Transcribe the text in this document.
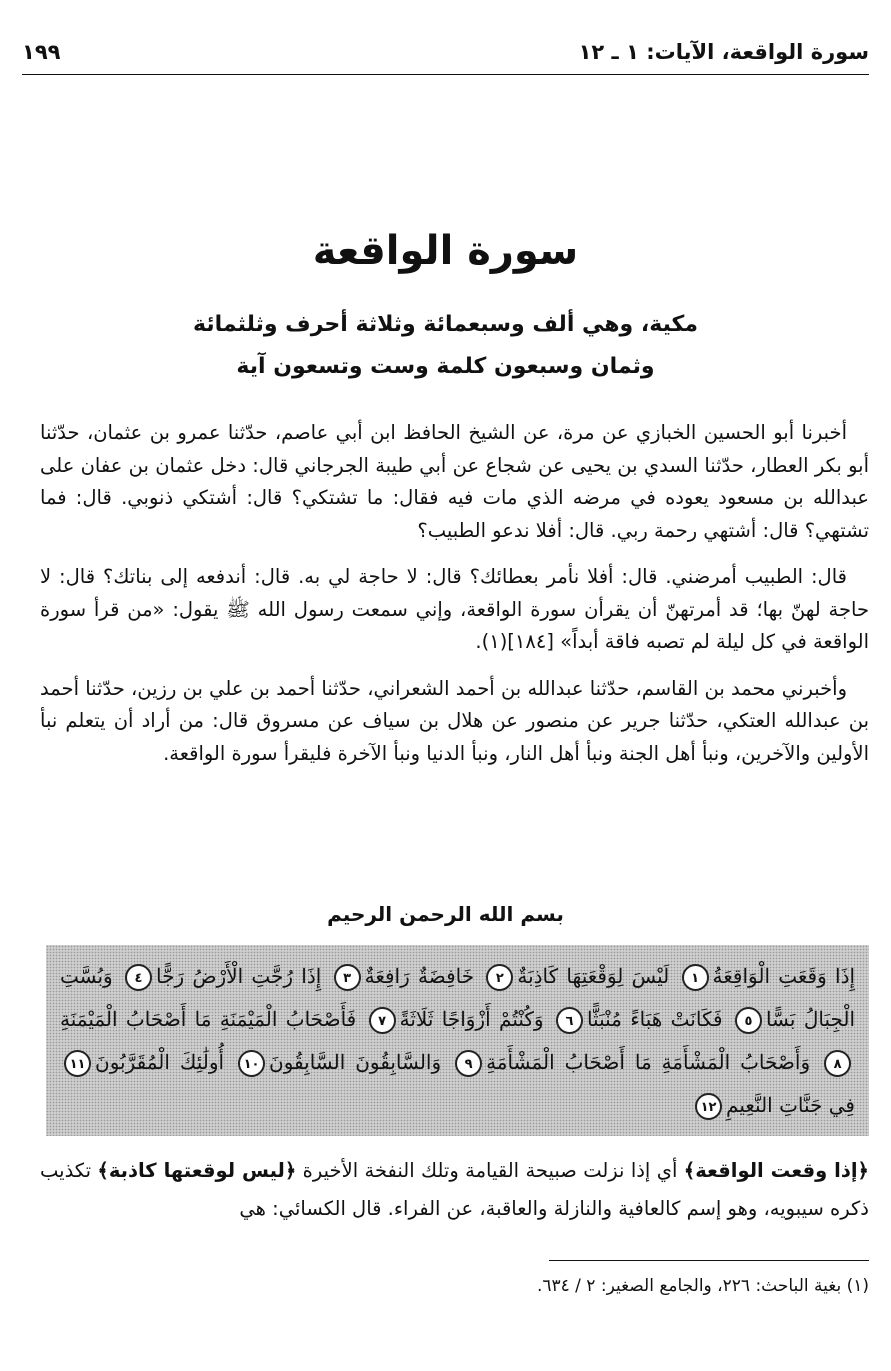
سورة الواقعة، الآيات: ١ ـ ١٢
١٩٩
سورة الواقعة
مكية، وهي ألف وسبعمائة وثلاثة أحرف وثلثمائة
وثمان وسبعون كلمة وست وتسعون آية

أخبرنا أبو الحسين الخبازي عن مرة، عن الشيخ الحافظ ابن أبي عاصم، حدّثنا عمرو بن عثمان، حدّثنا أبو بكر العطار، حدّثنا السدي بن يحيى عن شجاع عن أبي طيبة الجرجاني قال: دخل عثمان بن عفان على عبدالله بن مسعود يعوده في مرضه الذي مات فيه فقال: ما تشتكي؟ قال: أشتكي ذنوبي. قال: فما تشتهي؟ قال: أشتهي رحمة ربي. قال: أفلا ندعو الطبيب؟

قال: الطبيب أمرضني. قال: أفلا نأمر بعطائك؟ قال: لا حاجة لي به. قال: أندفعه إلى بناتك؟ قال: لا حاجة لهنّ بها؛ قد أمرتهنّ أن يقرأن سورة الواقعة، وإني سمعت رسول الله ﷺ يقول: «من قرأ سورة الواقعة في كل ليلة لم تصبه فاقة أبداً» [١٨٤](١).

وأخبرني محمد بن القاسم، حدّثنا عبدالله بن أحمد الشعراني، حدّثنا أحمد بن علي بن رزين، حدّثنا أحمد بن عبدالله العتكي، حدّثنا جرير عن منصور عن هلال بن سياف عن مسروق قال: من أراد أن يتعلم نبأ الأولين والآخرين، ونبأ أهل الجنة ونبأ أهل النار، ونبأ الدنيا ونبأ الآخرة فليقرأ سورة الواقعة.

بسم الله الرحمن الرحيم
إِذَا وَقَعَتِ الْوَاقِعَةُ١ لَيْسَ لِوَقْعَتِهَا كَاذِبَةٌ٢ خَافِضَةٌ رَافِعَةٌ٣ إِذَا رُجَّتِ الْأَرْضُ رَجًّا٤ وَبُسَّتِ الْجِبَالُ بَسًّا٥ فَكَانَتْ هَبَاءً مُنْبَثًّا٦ وَكُنْتُمْ أَزْوَاجًا ثَلَاثَةً٧ فَأَصْحَابُ الْمَيْمَنَةِ مَا أَصْحَابُ الْمَيْمَنَةِ٨ وَأَصْحَابُ الْمَشْأَمَةِ مَا أَصْحَابُ الْمَشْأَمَةِ٩ وَالسَّابِقُونَ السَّابِقُونَ١٠ أُولَٰئِكَ الْمُقَرَّبُونَ١١ فِي جَنَّاتِ النَّعِيمِ١٢
﴿إذا وقعت الواقعة﴾ أي إذا نزلت صبيحة القيامة وتلك النفخة الأخيرة ﴿ليس لوقعتها كاذبة﴾ تكذيب ذكره سيبويه، وهو إسم كالعافية والنازلة والعاقبة، عن الفراء. قال الكسائي: هي
(١) بغية الباحث: ٢٢٦، والجامع الصغير: ٢ / ٦٣٤.
